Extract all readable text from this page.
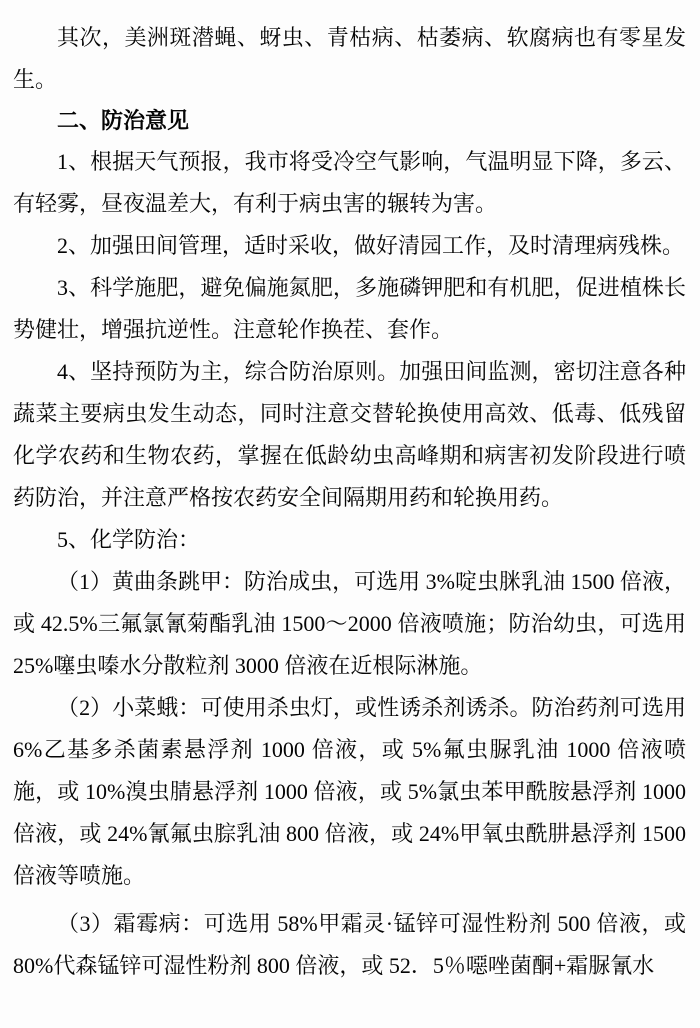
其次，美洲斑潜蝇、蚜虫、青枯病、枯萎病、软腐病也有零星发生。

二、防治意见

1、根据天气预报，我市将受冷空气影响，气温明显下降，多云、有轻雾，昼夜温差大，有利于病虫害的辗转为害。

2、加强田间管理，适时采收，做好清园工作，及时清理病残株。

3、科学施肥，避免偏施氮肥，多施磷钾肥和有机肥，促进植株长势健壮，增强抗逆性。注意轮作换茬、套作。

4、坚持预防为主，综合防治原则。加强田间监测，密切注意各种蔬菜主要病虫发生动态，同时注意交替轮换使用高效、低毒、低残留化学农药和生物农药，掌握在低龄幼虫高峰期和病害初发阶段进行喷药防治，并注意严格按农药安全间隔期用药和轮换用药。

5、化学防治：

（1）黄曲条跳甲：防治成虫，可选用 3%啶虫脒乳油 1500 倍液，或 42.5%三氟氯氰菊酯乳油 1500～2000 倍液喷施；防治幼虫，可选用 25%噻虫嗪水分散粒剂 3000 倍液在近根际淋施。

（2）小菜蛾：可使用杀虫灯，或性诱杀剂诱杀。防治药剂可选用 6%乙基多杀菌素悬浮剂 1000 倍液，或 5%氟虫脲乳油 1000 倍液喷施，或 10%溴虫腈悬浮剂 1000 倍液，或 5%氯虫苯甲酰胺悬浮剂 1000 倍液，或 24%氰氟虫腙乳油 800 倍液，或 24%甲氧虫酰肼悬浮剂 1500 倍液等喷施。

（3）霜霉病：可选用 58%甲霜灵·锰锌可湿性粉剂 500 倍液，或 80%代森锰锌可湿性粉剂 800 倍液，或 52．5％噁唑菌酮+霜脲氰水
